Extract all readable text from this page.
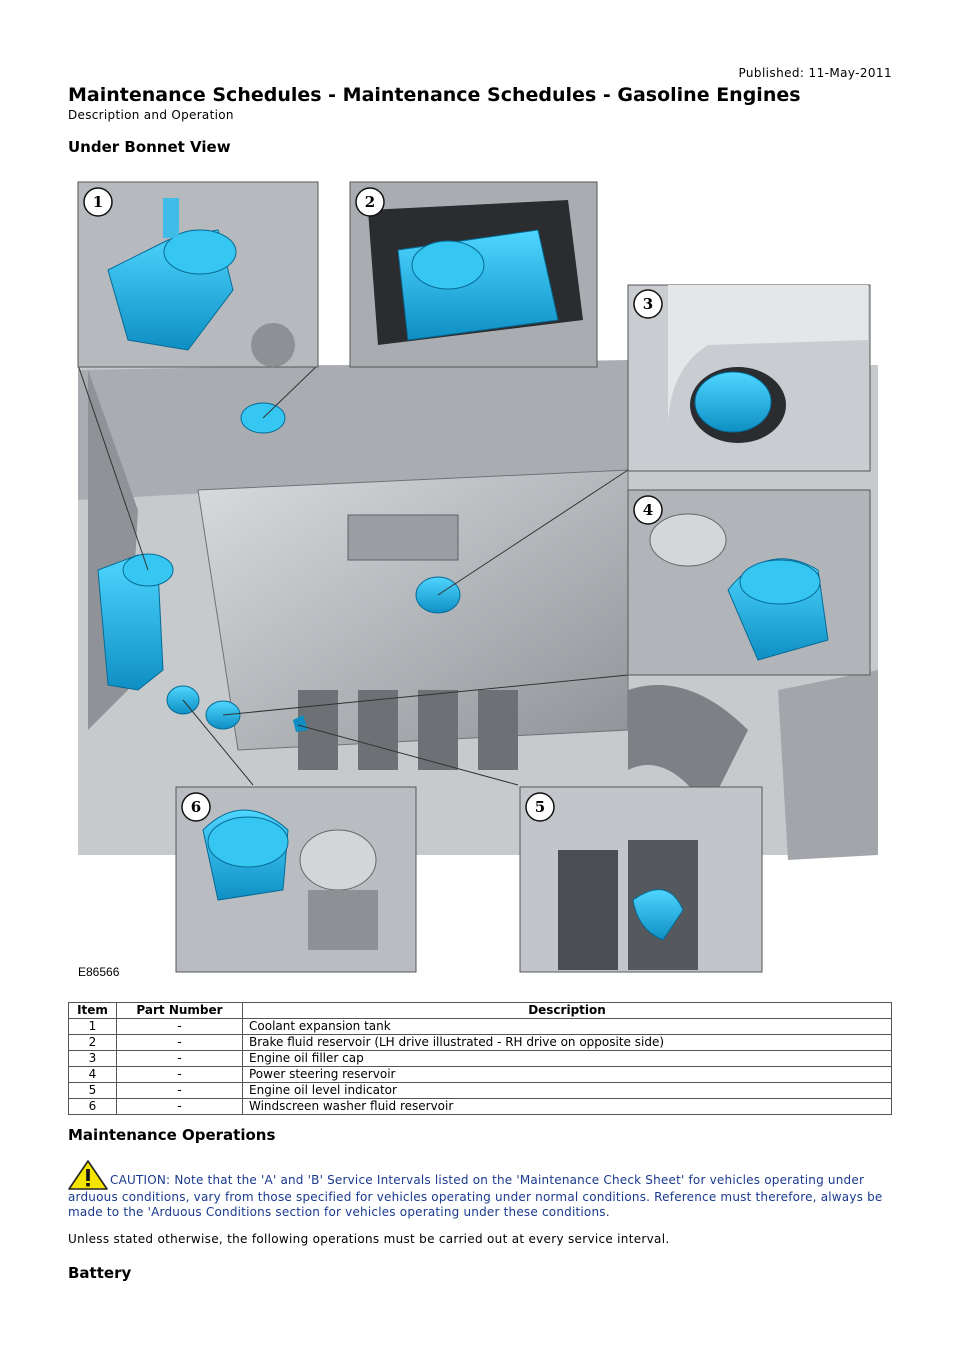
Published: 11-May-2011
Maintenance Schedules - Maintenance Schedules - Gasoline Engines
Description and Operation
Under Bonnet View
1	2
3
4
5
6
E86566
Item	Part Number	Description
1	-	Coolant expansion tank
2	-	Brake fluid reservoir (LH drive illustrated - RH drive on opposite side)
3	-	Engine oil filler cap
4	-	Power steering reservoir
5	-	Engine oil level indicator
6	-	Windscreen washer fluid reservoir
Maintenance Operations
CAUTION: Note that the 'A' and 'B' Service Intervals listed on the 'Maintenance Check Sheet' for vehicles operating under arduous conditions, vary from those specified for vehicles operating under normal conditions. Reference must therefore, always be made to the 'Arduous Conditions section for vehicles operating under these conditions.
Unless stated otherwise, the following operations must be carried out at every service interval.
Battery
